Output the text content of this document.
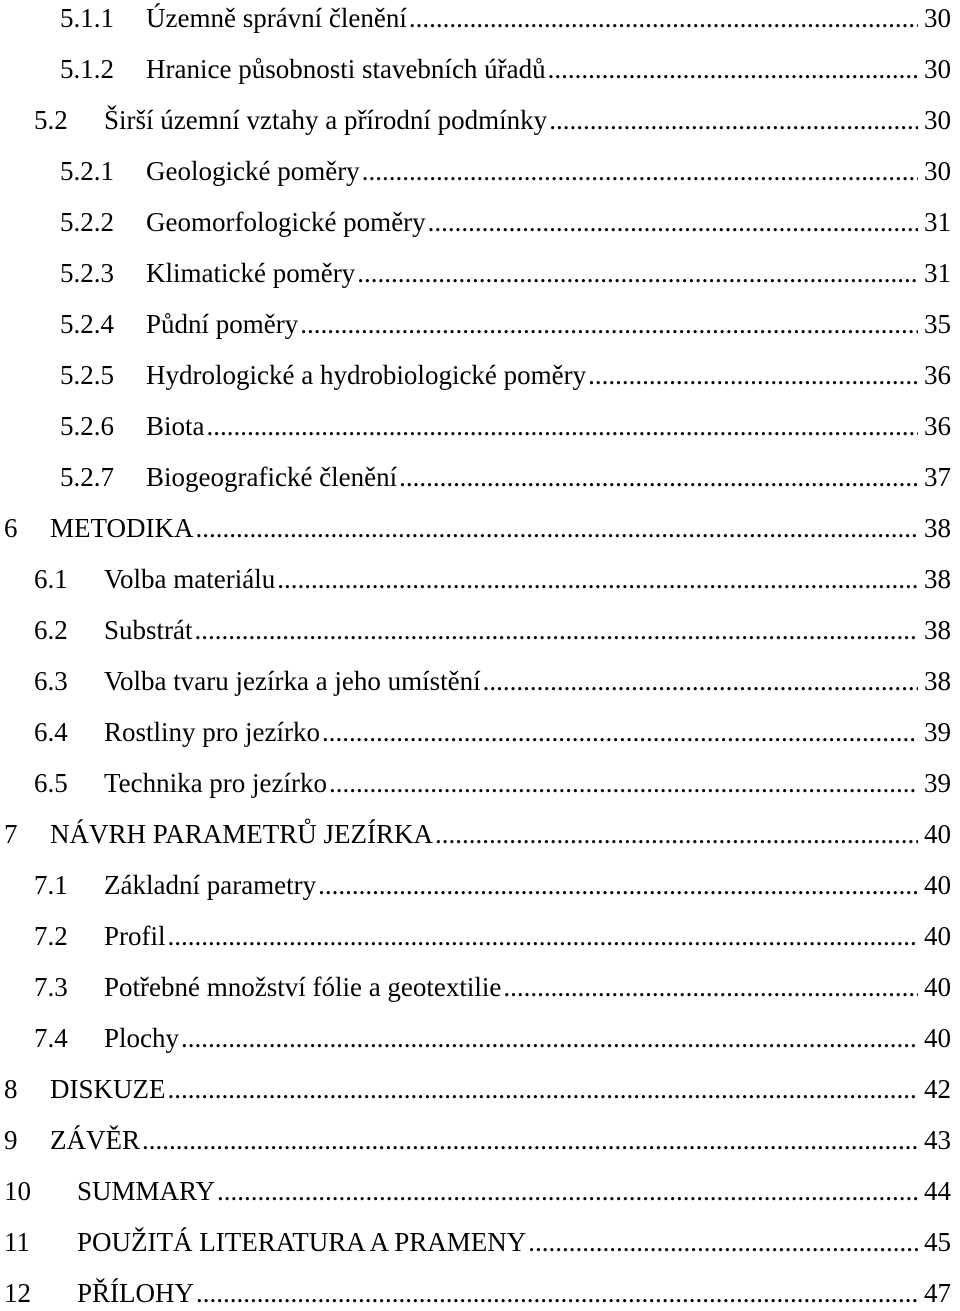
5.1.1	Územně správní členění .....	30
5.1.2	Hranice působnosti stavebních úřadů .....	30
5.2	Širší územní vztahy a přírodní podmínky .....	30
5.2.1	Geologické poměry .....	30
5.2.2	Geomorfologické poměry .....	31
5.2.3	Klimatické poměry .....	31
5.2.4	Půdní poměry .....	35
5.2.5	Hydrologické a hydrobiologické poměry .....	36
5.2.6	Biota .....	36
5.2.7	Biogeografické členění .....	37
6	METODIKA .....	38
6.1	Volba materiálu .....	38
6.2	Substrát .....	38
6.3	Volba tvaru jezírka a jeho umístění .....	38
6.4	Rostliny pro jezírko .....	39
6.5	Technika pro jezírko .....	39
7	NÁVRH PARAMETRŮ JEZÍRKA .....	40
7.1	Základní parametry .....	40
7.2	Profil .....	40
7.3	Potřebné množství fólie a geotextilie .....	40
7.4	Plochy .....	40
8	DISKUZE .....	42
9	ZÁVĚR .....	43
10	SUMMARY .....	44
11	POUŽITÁ LITERATURA A PRAMENY .....	45
12	PŘÍLOHY .....	47
